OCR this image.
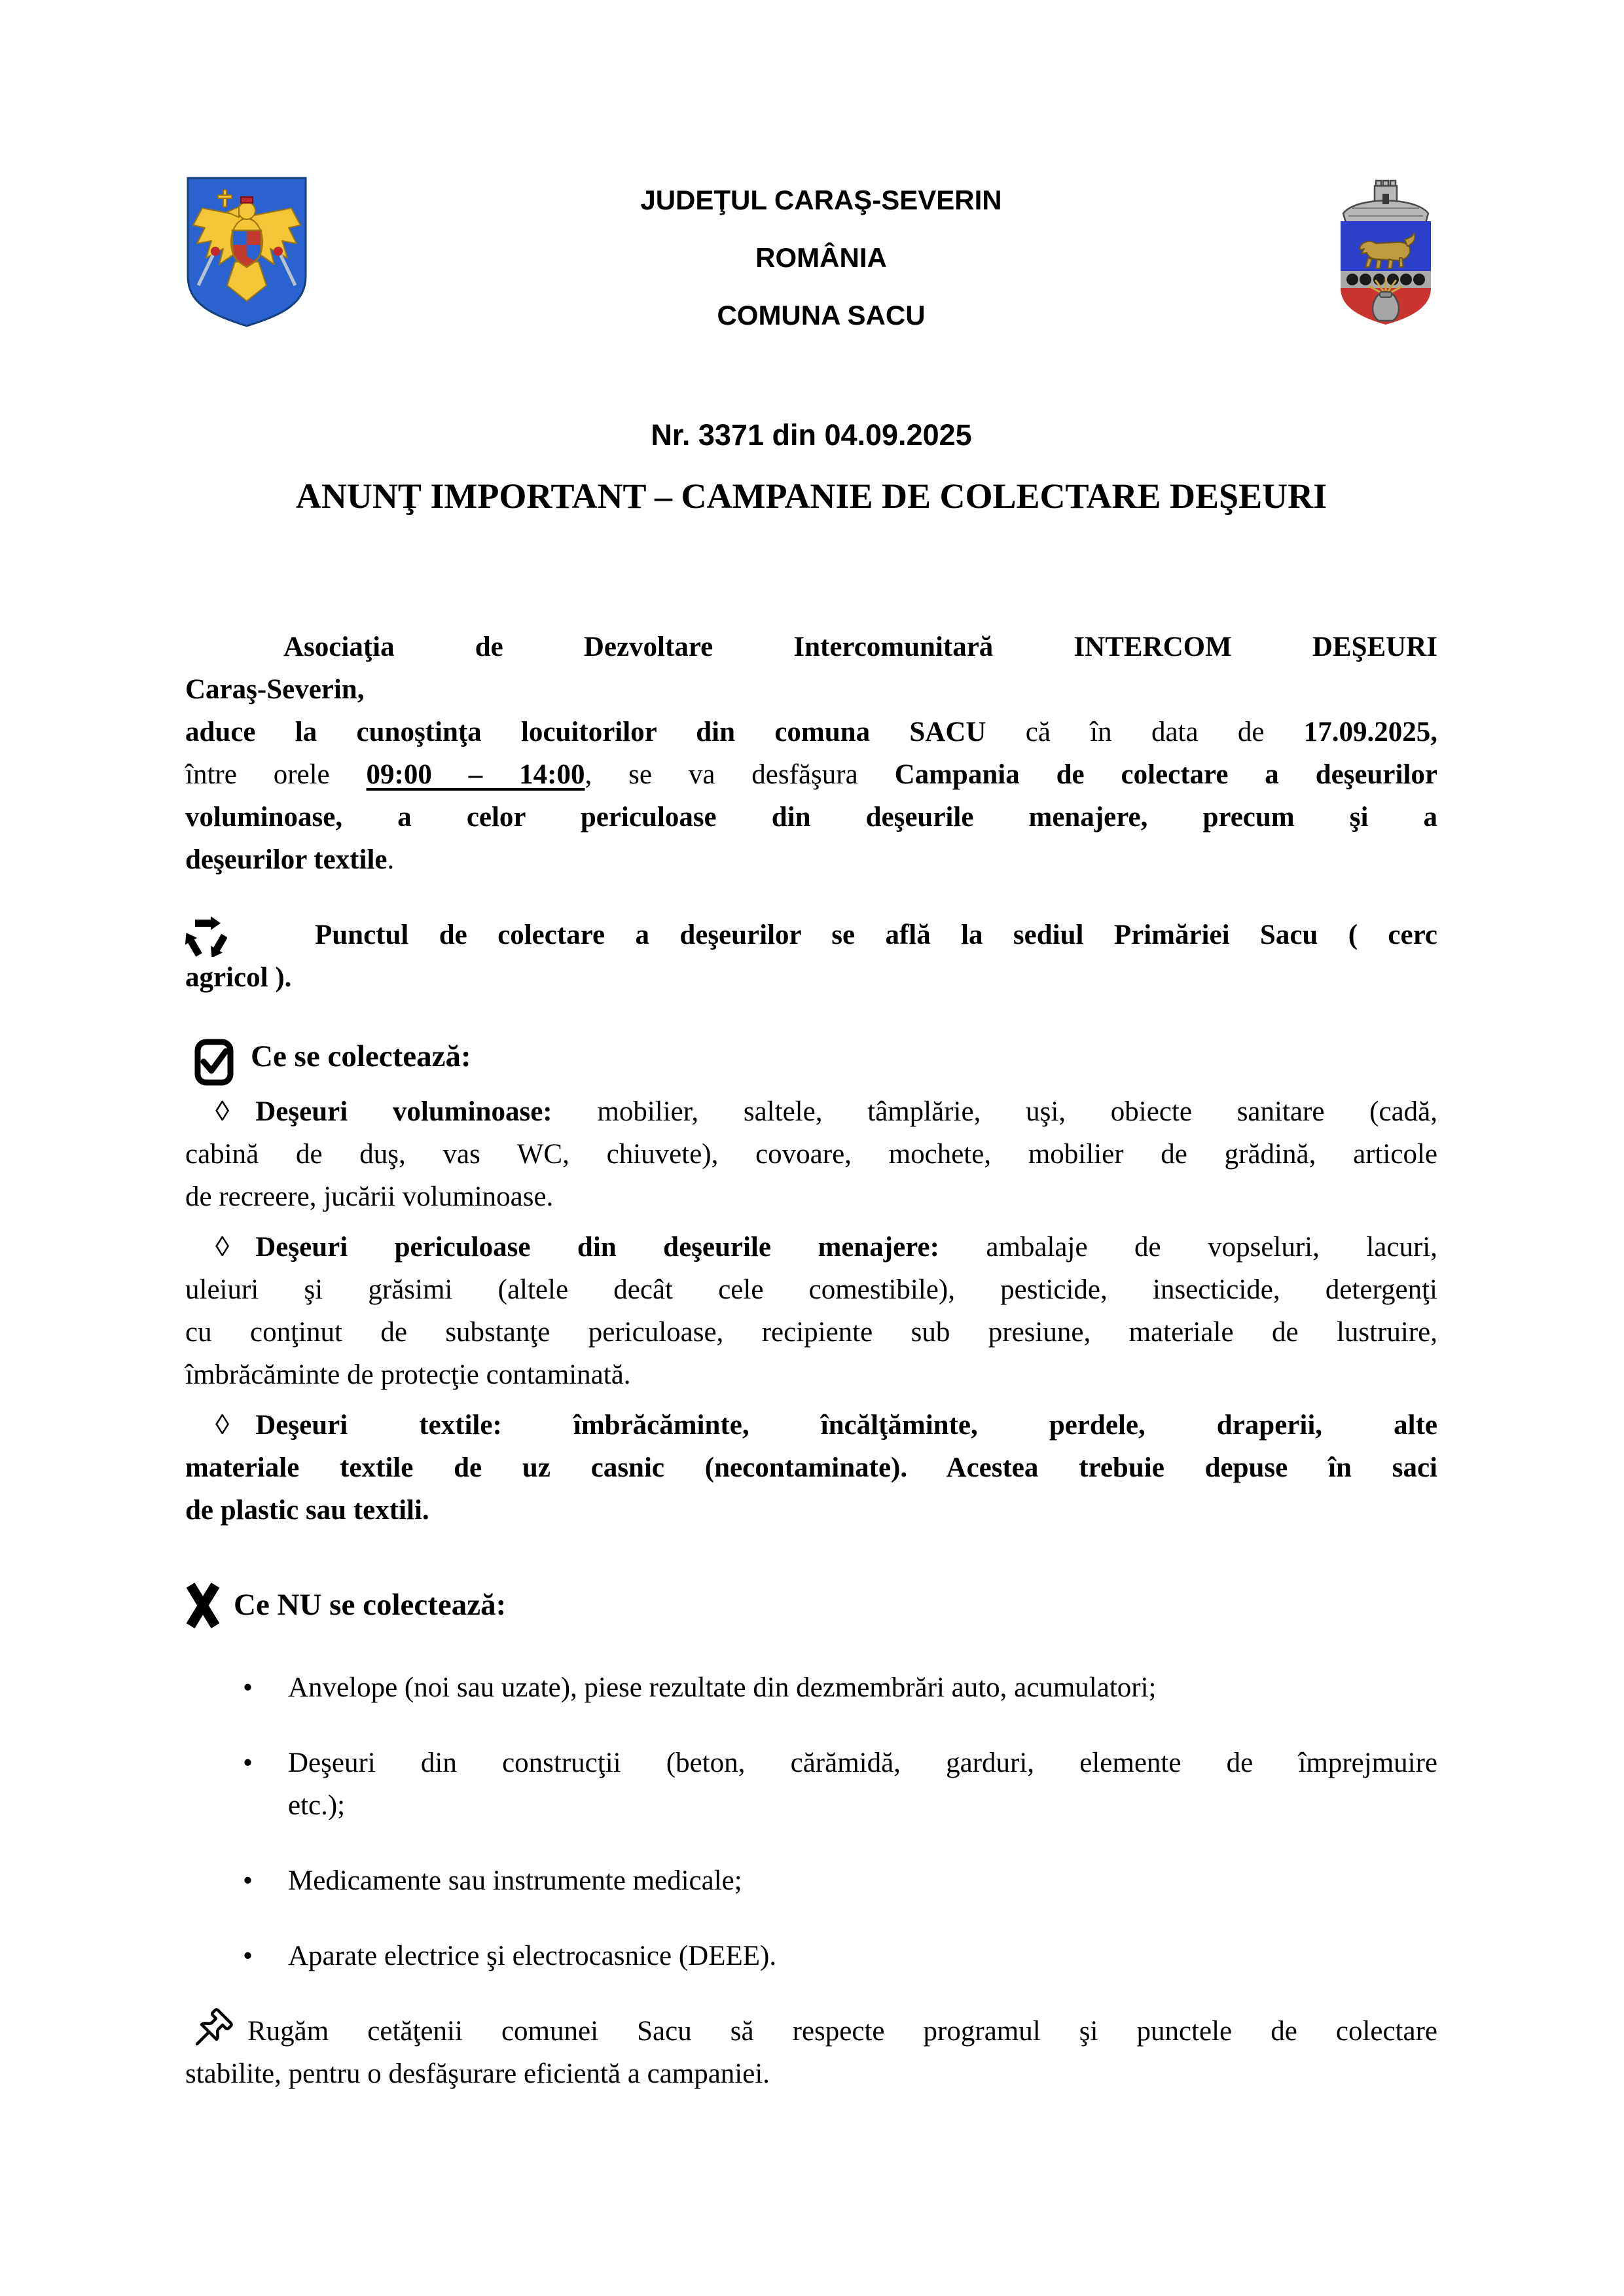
JUDEŢUL CARAŞ-SEVERIN
ROMÂNIA
COMUNA SACU
Nr. 3371 din 04.09.2025
ANUNŢ IMPORTANT – CAMPANIE DE COLECTARE DEŞEURI
Asociaţia de Dezvoltare Intercomunitară INTERCOM DEŞEURI
Caraş-Severin,
aduce la cunoştinţa locuitorilor din comuna SACU că în data de 17.09.2025,
între orele 09:00 – 14:00, se va desfăşura Campania de colectare a deşeurilor
voluminoase, a celor periculoase din deşeurile menajere, precum şi a
deşeurilor textile.
Punctul de colectare a deşeurilor se află la sediul Primăriei Sacu ( cerc
agricol ).
Ce se colectează:
◊ Deşeuri voluminoase: mobilier, saltele, tâmplărie, uşi, obiecte sanitare (cadă,
cabină de duş, vas WC, chiuvete), covoare, mochete, mobilier de grădină, articole
de recreere, jucării voluminoase.
◊ Deşeuri periculoase din deşeurile menajere: ambalaje de vopseluri, lacuri,
uleiuri şi grăsimi (altele decât cele comestibile), pesticide, insecticide, detergenţi
cu conţinut de substanţe periculoase, recipiente sub presiune, materiale de lustruire,
îmbrăcăminte de protecţie contaminată.
◊ Deşeuri textile: îmbrăcăminte, încălţăminte, perdele, draperii, alte
materiale textile de uz casnic (necontaminate). Acestea trebuie depuse în saci
de plastic sau textili.
Ce NU se colectează:
• Anvelope (noi sau uzate), piese rezultate din dezmembrări auto, acumulatori;
• Deşeuri din construcţii (beton, cărămidă, garduri, elemente de împrejmuire
etc.);
• Medicamente sau instrumente medicale;
• Aparate electrice şi electrocasnice (DEEE).
Rugăm cetăţenii comunei Sacu să respecte programul şi punctele de colectare
stabilite, pentru o desfăşurare eficientă a campaniei.
